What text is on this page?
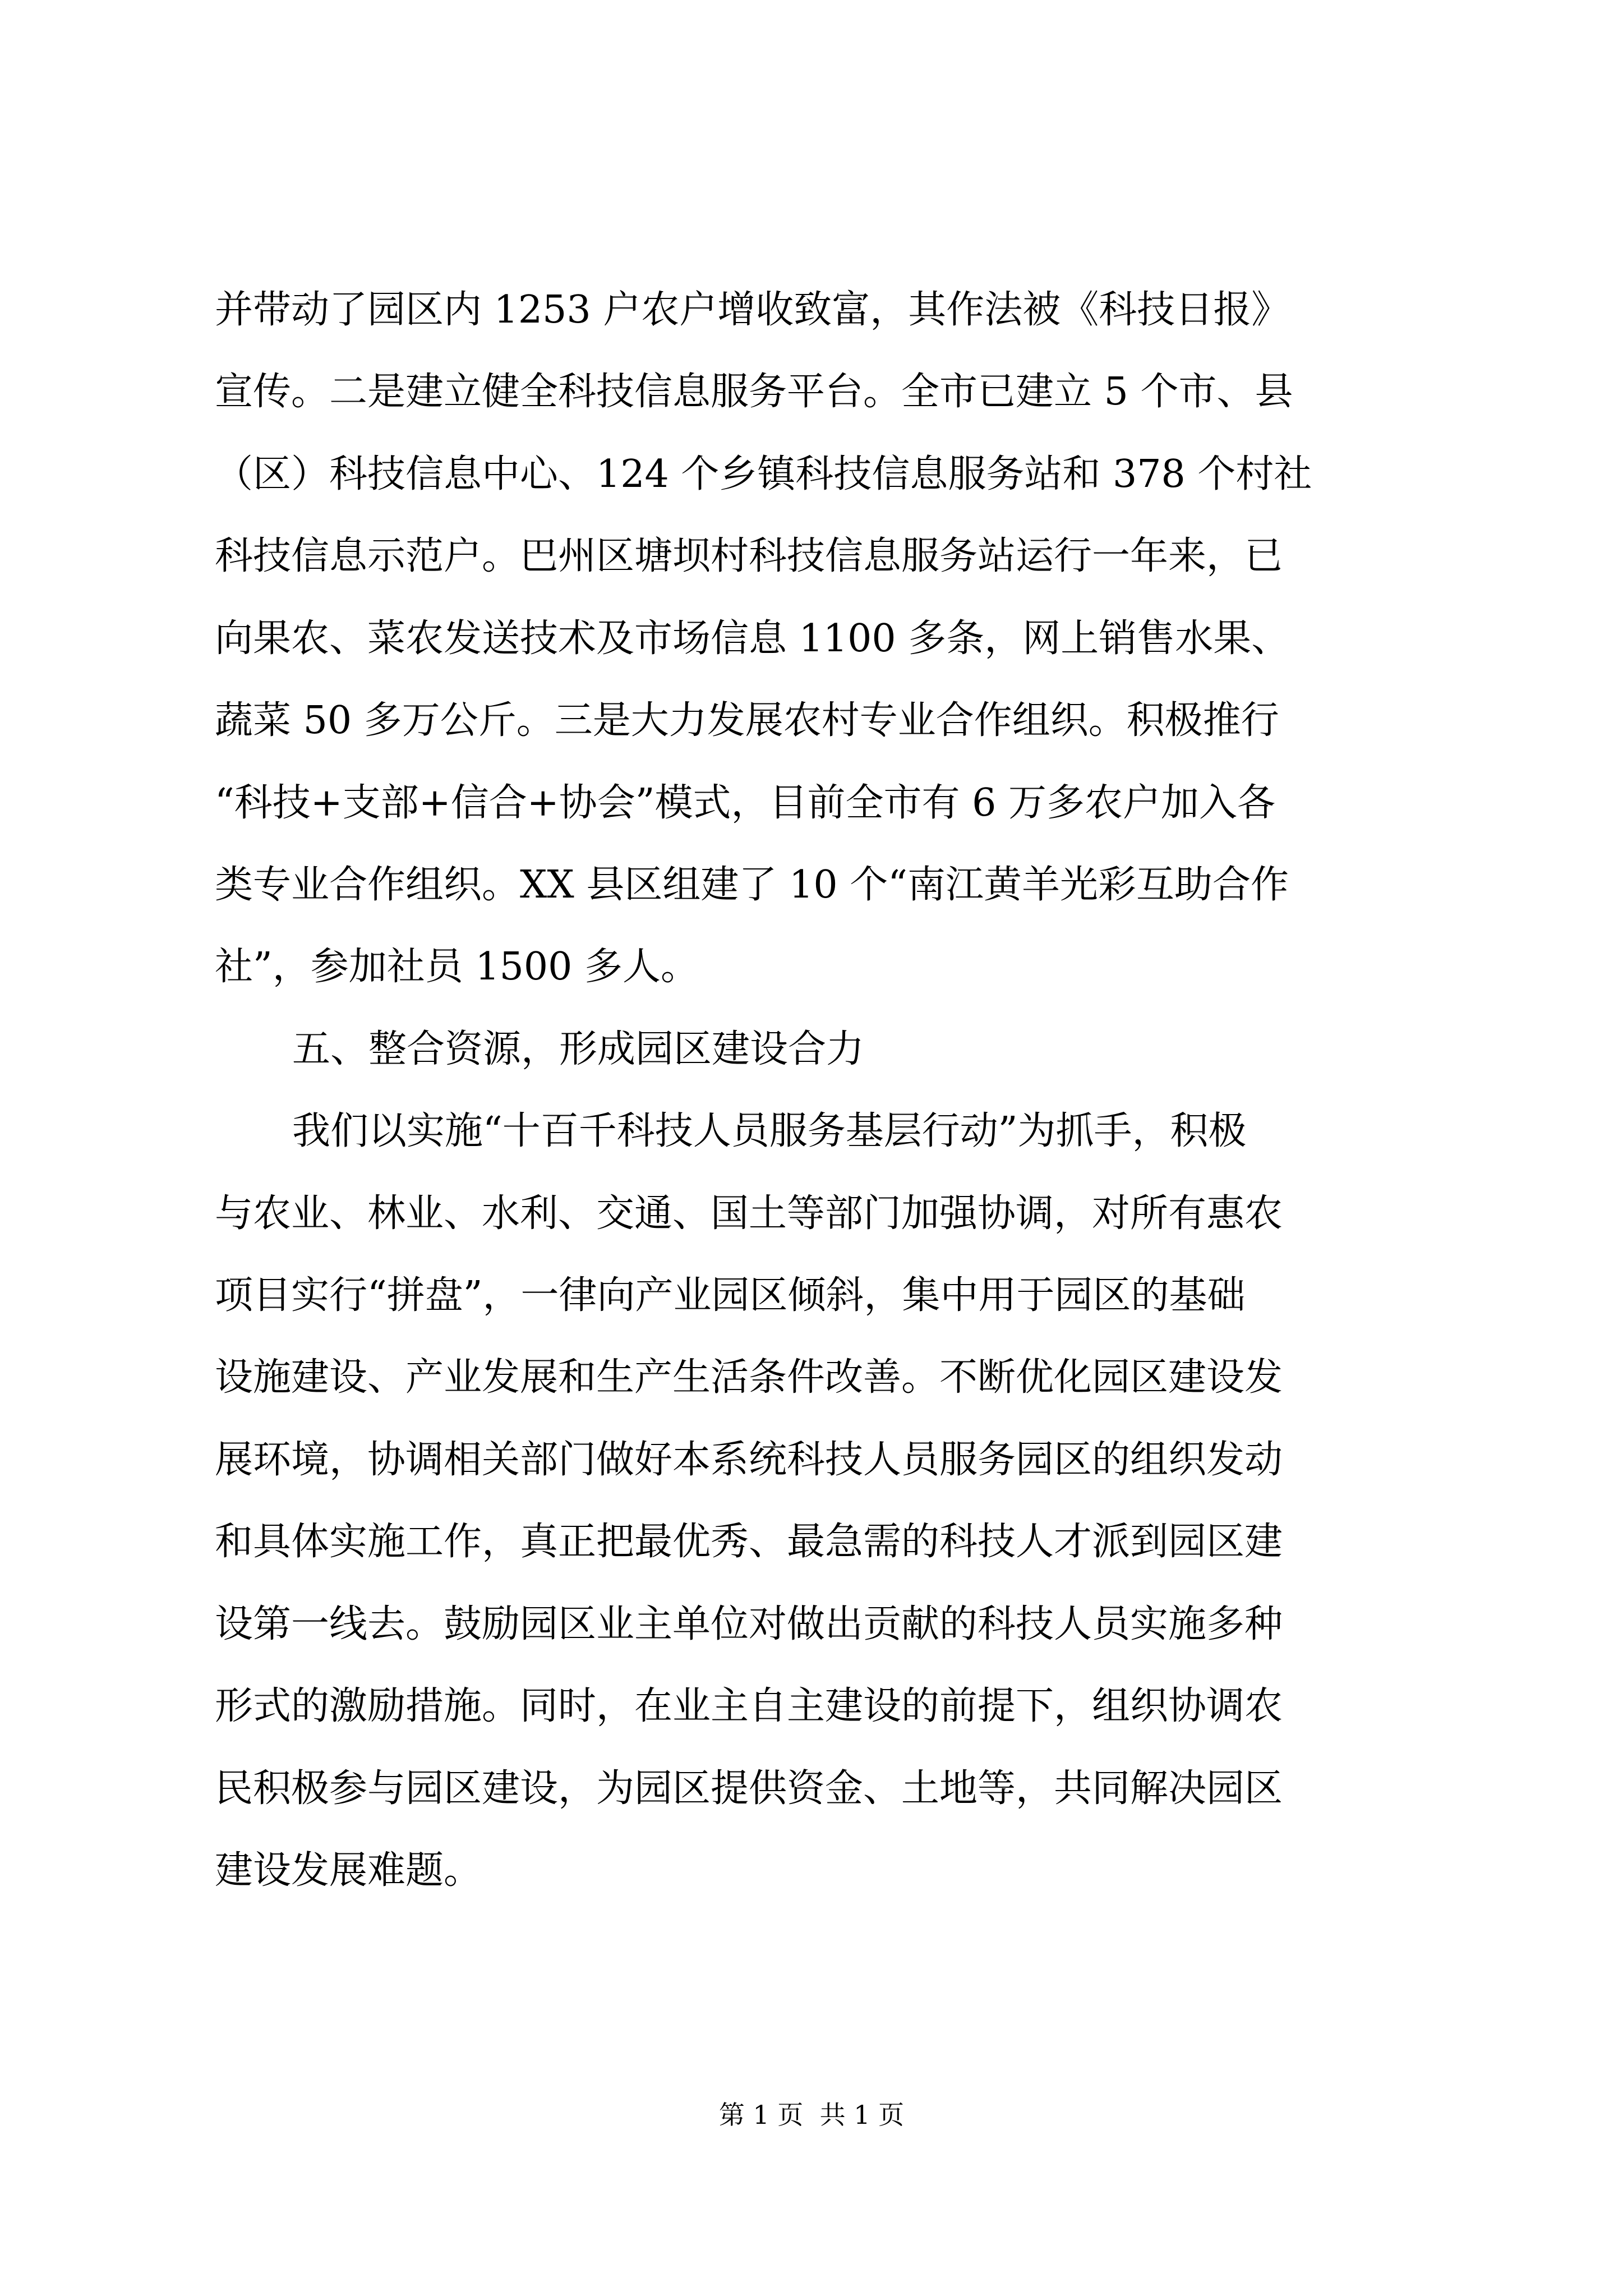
并带动了园区内 1253 户农户增收致富，其作法被《科技日报》
宣传。二是建立健全科技信息服务平台。全市已建立 5 个市、县
（区）科技信息中心、124 个乡镇科技信息服务站和 378 个村社
科技信息示范户。巴州区塘坝村科技信息服务站运行一年来，已
向果农、菜农发送技术及市场信息 1100 多条，网上销售水果、
蔬菜 50 多万公斤。三是大力发展农村专业合作组织。积极推行
“科技+支部+信合+协会”模式，目前全市有 6 万多农户加入各
类专业合作组织。XX 县区组建了 10 个“南江黄羊光彩互助合作
社”，参加社员 1500 多人。
五、整合资源，形成园区建设合力
我们以实施“十百千科技人员服务基层行动”为抓手，积极
与农业、林业、水利、交通、国土等部门加强协调，对所有惠农
项目实行“拼盘”，一律向产业园区倾斜，集中用于园区的基础
设施建设、产业发展和生产生活条件改善。不断优化园区建设发
展环境，协调相关部门做好本系统科技人员服务园区的组织发动
和具体实施工作，真正把最优秀、最急需的科技人才派到园区建
设第一线去。鼓励园区业主单位对做出贡献的科技人员实施多种
形式的激励措施。同时，在业主自主建设的前提下，组织协调农
民积极参与园区建设，为园区提供资金、土地等，共同解决园区
建设发展难题。
第 1 页  共 1 页
